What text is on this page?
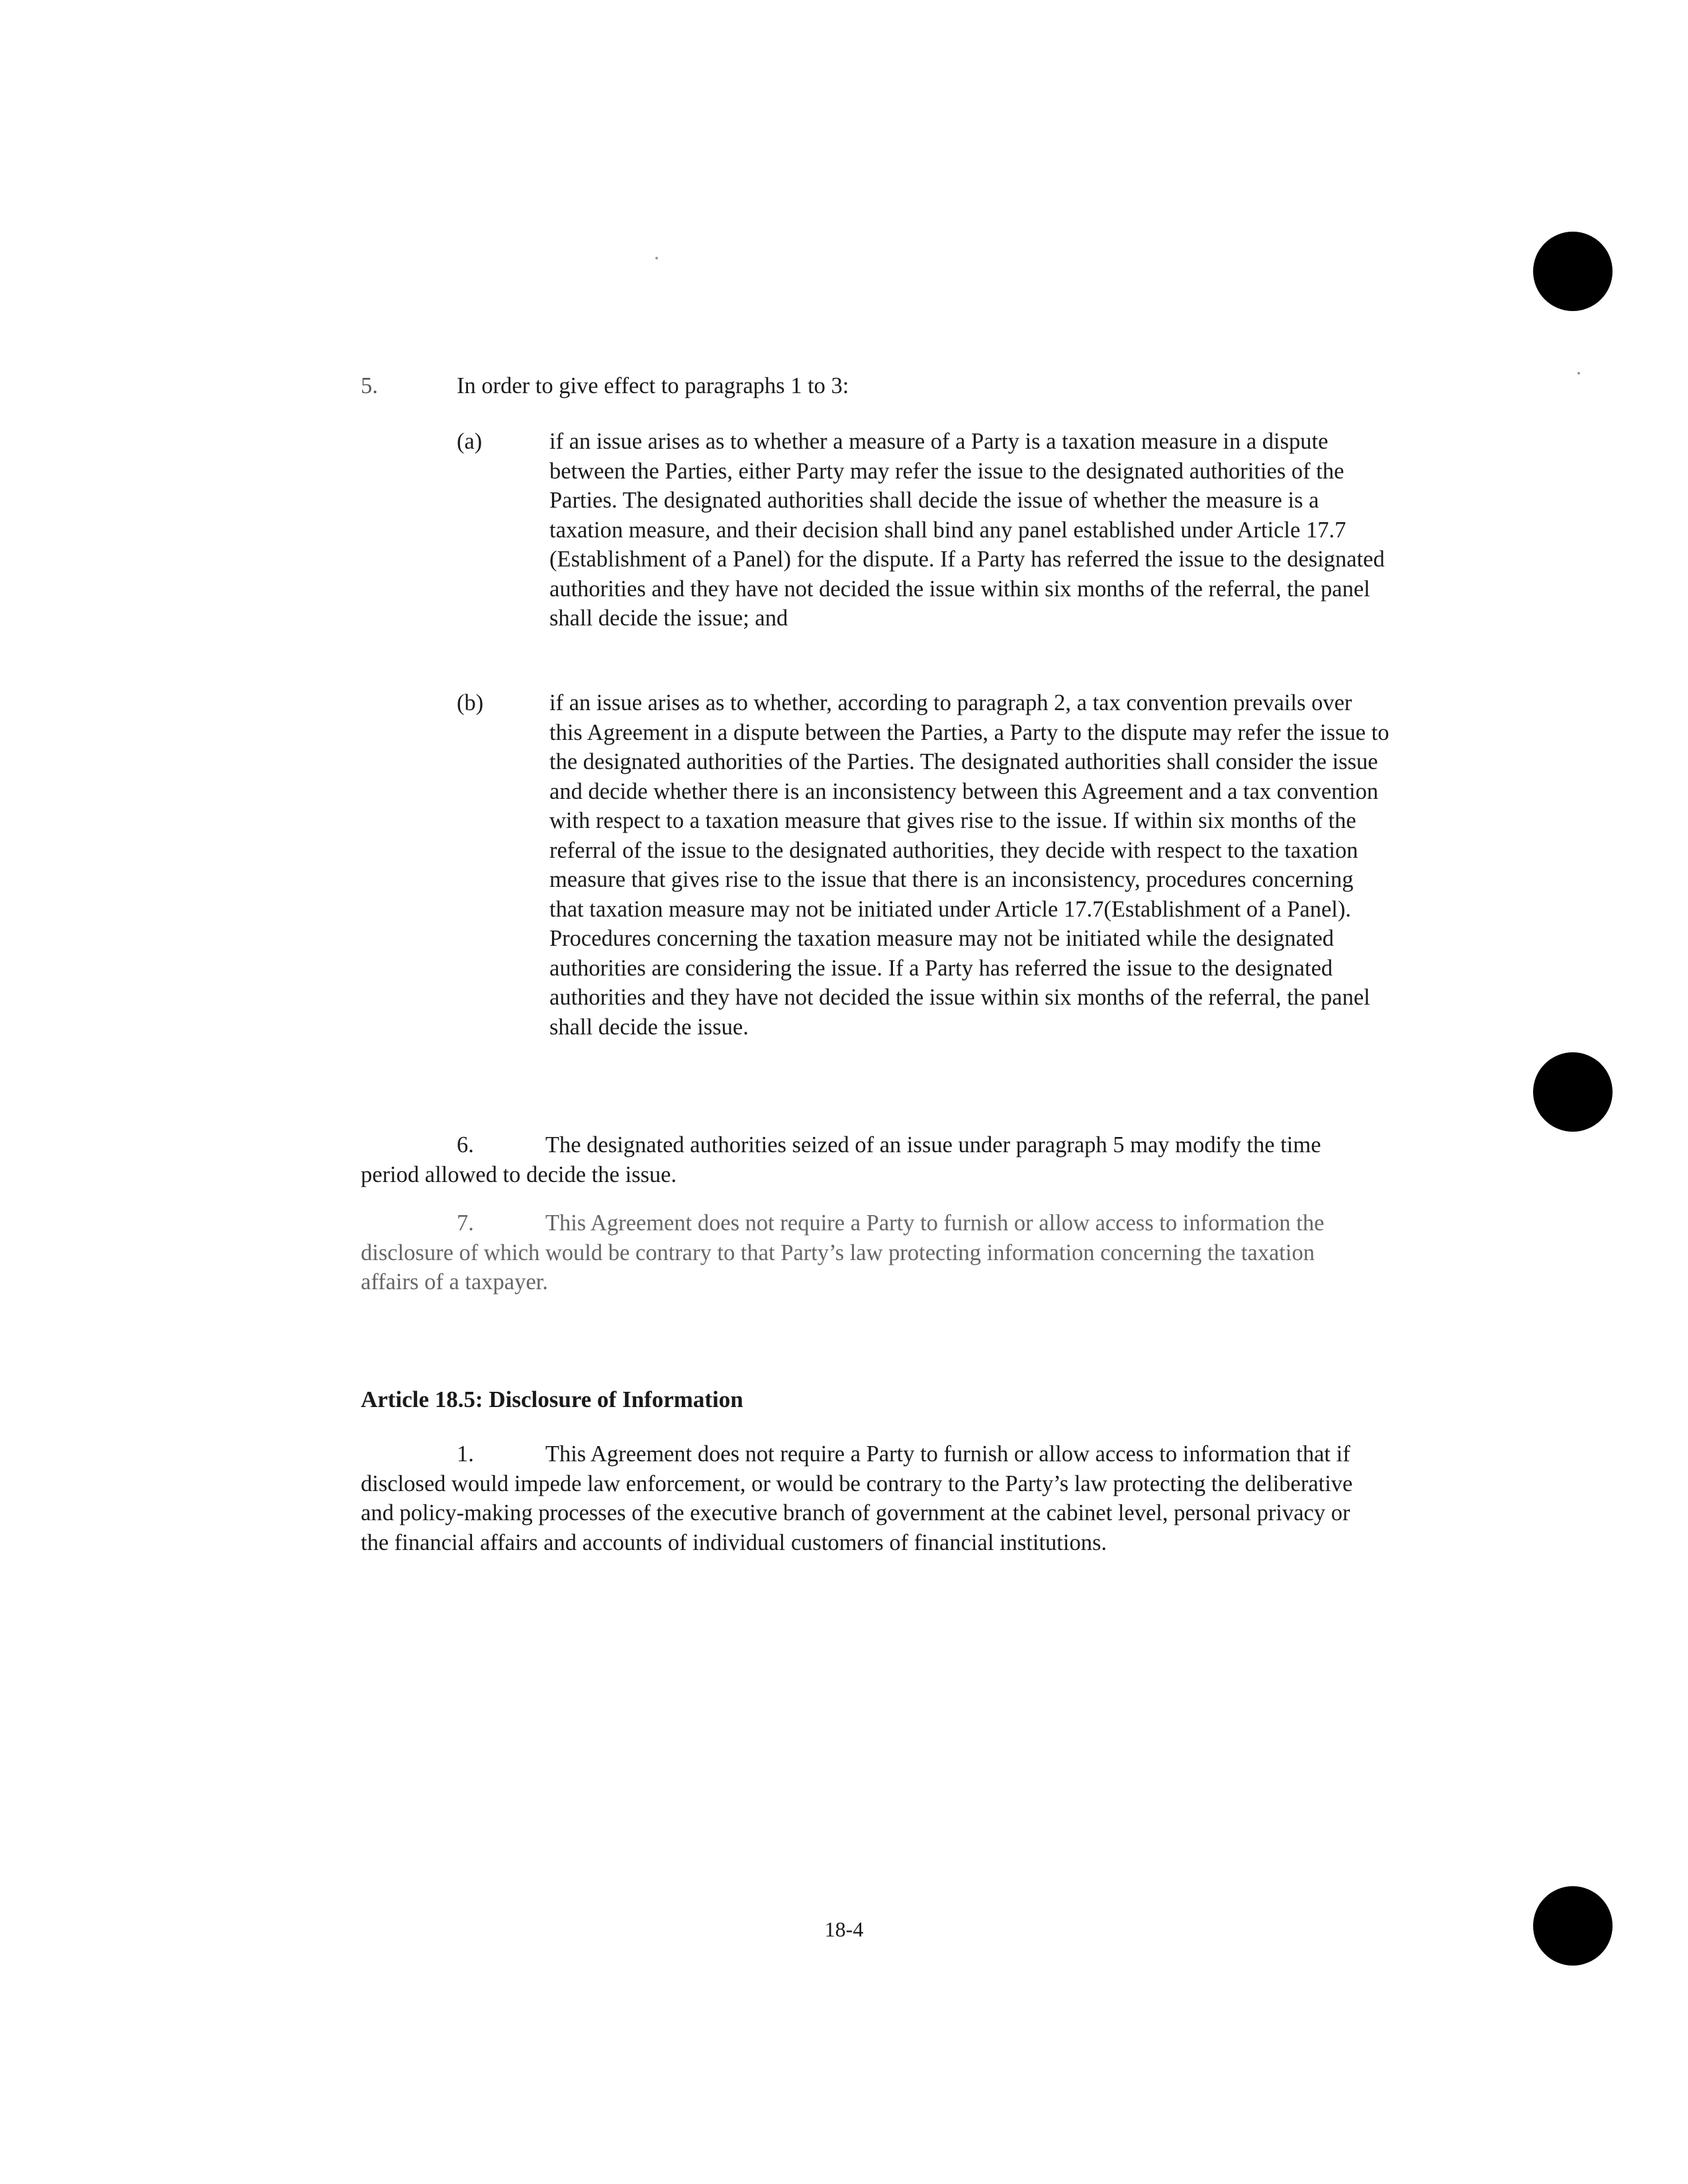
5.	In order to give effect to paragraphs 1 to 3:
(a)	if an issue arises as to whether a measure of a Party is a taxation measure in a dispute between the Parties, either Party may refer the issue to the designated authorities of the Parties. The designated authorities shall decide the issue of whether the measure is a taxation measure, and their decision shall bind any panel established under Article 17.7 (Establishment of a Panel) for the dispute. If a Party has referred the issue to the designated authorities and they have not decided the issue within six months of the referral, the panel shall decide the issue; and
(b)	if an issue arises as to whether, according to paragraph 2, a tax convention prevails over this Agreement in a dispute between the Parties, a Party to the dispute may refer the issue to the designated authorities of the Parties. The designated authorities shall consider the issue and decide whether there is an inconsistency between this Agreement and a tax convention with respect to a taxation measure that gives rise to the issue. If within six months of the referral of the issue to the designated authorities, they decide with respect to the taxation measure that gives rise to the issue that there is an inconsistency, procedures concerning that taxation measure may not be initiated under Article 17.7(Establishment of a Panel). Procedures concerning the taxation measure may not be initiated while the designated authorities are considering the issue. If a Party has referred the issue to the designated authorities and they have not decided the issue within six months of the referral, the panel shall decide the issue.
6.	The designated authorities seized of an issue under paragraph 5 may modify the time period allowed to decide the issue.
7.	This Agreement does not require a Party to furnish or allow access to information the disclosure of which would be contrary to that Party’s law protecting information concerning the taxation affairs of a taxpayer.
Article 18.5: Disclosure of Information
1.	This Agreement does not require a Party to furnish or allow access to information that if disclosed would impede law enforcement, or would be contrary to the Party’s law protecting the deliberative and policy-making processes of the executive branch of government at the cabinet level, personal privacy or the financial affairs and accounts of individual customers of financial institutions.
18-4
